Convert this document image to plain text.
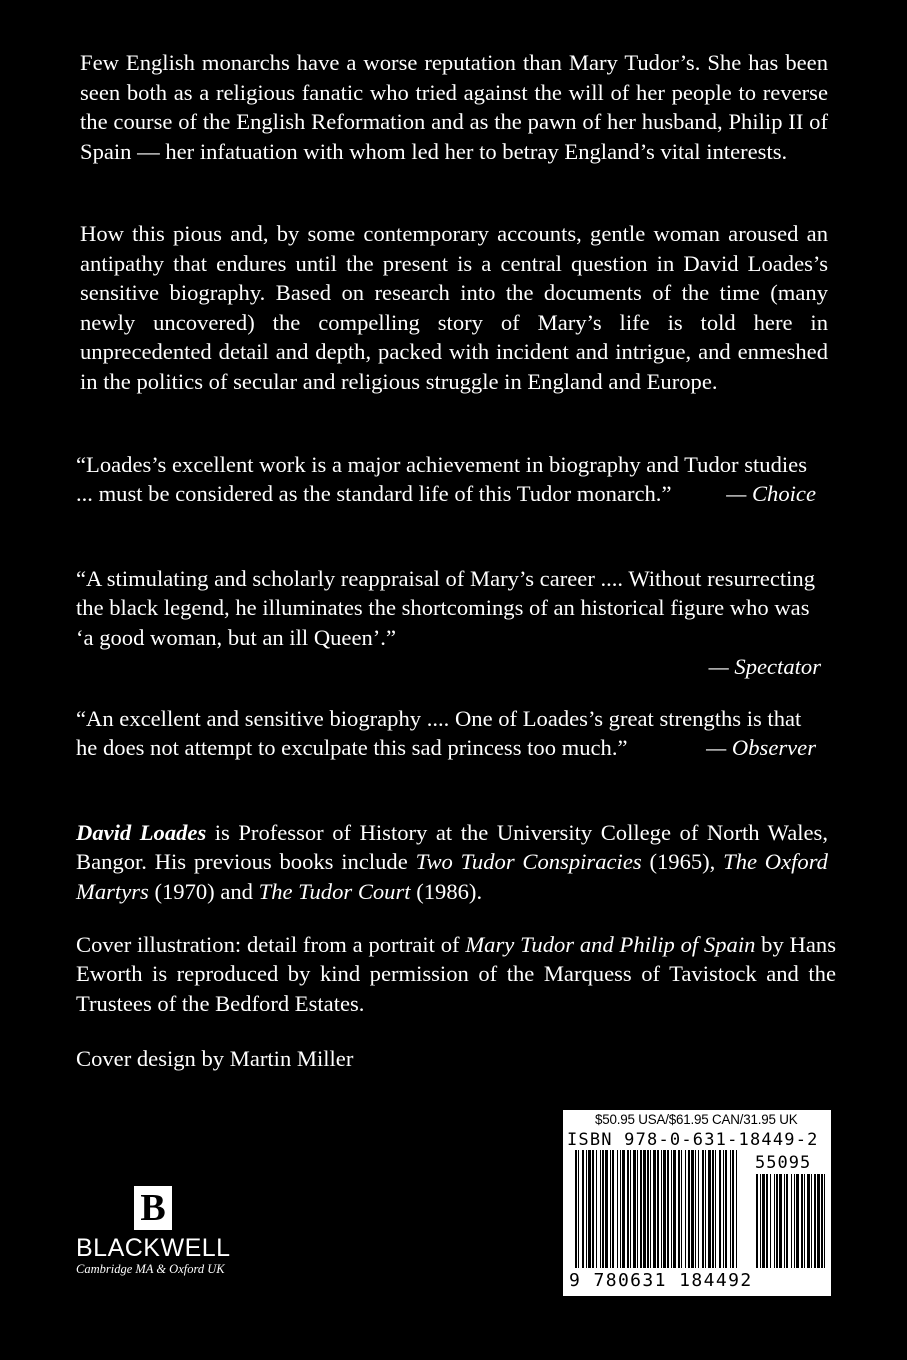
Few English monarchs have a worse reputation than Mary Tudor’s. She has been seen both as a religious fanatic who tried against the will of her people to reverse the course of the English Reformation and as the pawn of her husband, Philip II of Spain — her infatuation with whom led her to betray England’s vital interests.

How this pious and, by some contemporary accounts, gentle woman aroused an antipathy that endures until the present is a central question in David Loades’s sensitive biography. Based on research into the documents of the time (many newly uncovered) the compelling story of Mary’s life is told here in unprecedented detail and depth, packed with incident and intrigue, and enmeshed in the politics of secular and religious struggle in England and Europe.

“Loades’s excellent work is a major achievement in biography and Tudor studies ... must be considered as the standard life of this Tudor monarch.” — Choice
“A stimulating and scholarly reappraisal of Mary’s career .... Without resurrecting the black legend, he illuminates the shortcomings of an historical figure who was ‘a good woman, but an ill Queen’.”
— Spectator
“An excellent and sensitive biography .... One of Loades’s great strengths is that he does not attempt to exculpate this sad princess too much.”	— Observer

David Loades is Professor of History at the University College of North Wales, Bangor. His previous books include Two Tudor Conspiracies (1965), The Oxford Martyrs (1970) and The Tudor Court (1986).

Cover illustration: detail from a portrait of Mary Tudor and Philip of Spain by Hans Eworth is reproduced by kind permission of the Marquess of Tavistock and the Trustees of the Bedford Estates.

Cover design by Martin Miller

B
BLACKWELL
Cambridge MA & Oxford UK
$50.95 USA/$61.95 CAN/31.95 UK
ISBN 978-0-631-18449-2
55095
9 780631 184492
